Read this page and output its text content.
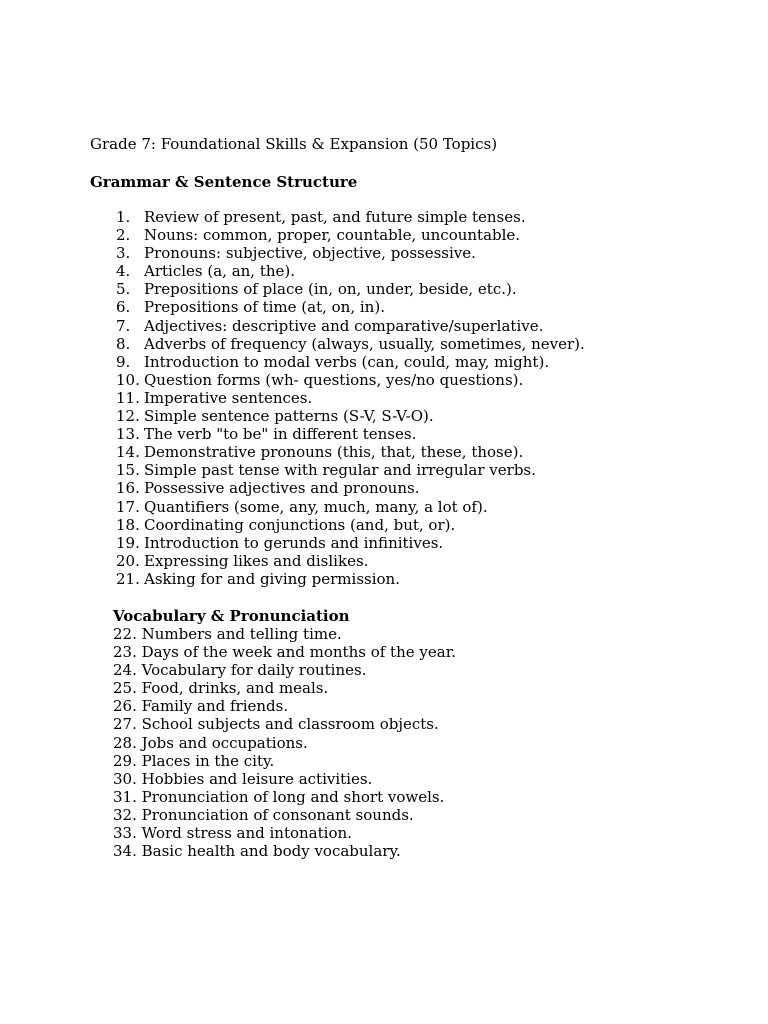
Grade 7: Foundational Skills & Expansion (50 Topics)
Grammar & Sentence Structure
1. Review of present, past, and future simple tenses.
2. Nouns: common, proper, countable, uncountable.
3. Pronouns: subjective, objective, possessive.
4. Articles (a, an, the).
5. Prepositions of place (in, on, under, beside, etc.).
6. Prepositions of time (at, on, in).
7. Adjectives: descriptive and comparative/superlative.
8. Adverbs of frequency (always, usually, sometimes, never).
9. Introduction to modal verbs (can, could, may, might).
10. Question forms (wh- questions, yes/no questions).
11. Imperative sentences.
12. Simple sentence patterns (S-V, S-V-O).
13. The verb "to be" in different tenses.
14. Demonstrative pronouns (this, that, these, those).
15. Simple past tense with regular and irregular verbs.
16. Possessive adjectives and pronouns.
17. Quantifiers (some, any, much, many, a lot of).
18. Coordinating conjunctions (and, but, or).
19. Introduction to gerunds and infinitives.
20. Expressing likes and dislikes.
21. Asking for and giving permission.
Vocabulary & Pronunciation
22. Numbers and telling time.
23. Days of the week and months of the year.
24. Vocabulary for daily routines.
25. Food, drinks, and meals.
26. Family and friends.
27. School subjects and classroom objects.
28. Jobs and occupations.
29. Places in the city.
30. Hobbies and leisure activities.
31. Pronunciation of long and short vowels.
32. Pronunciation of consonant sounds.
33. Word stress and intonation.
34. Basic health and body vocabulary.
